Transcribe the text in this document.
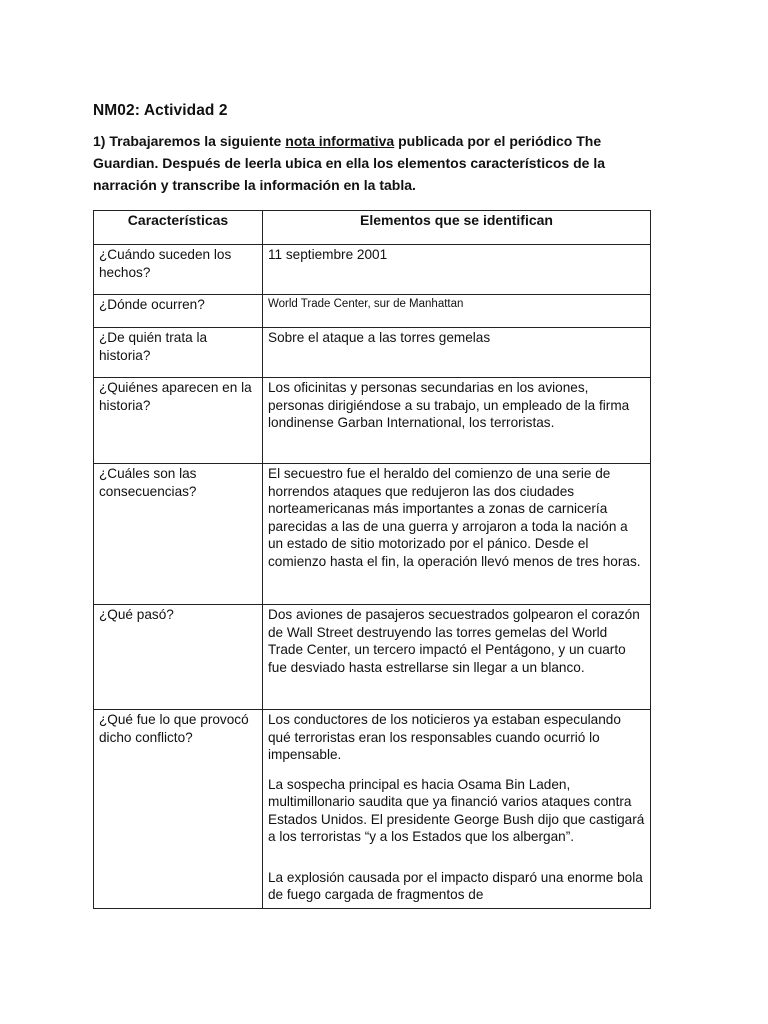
NM02: Actividad 2
1) Trabajaremos la siguiente nota informativa publicada por el periódico The Guardian. Después de leerla ubica en ella los elementos característicos de la narración y transcribe la información en la tabla.
Características	Elementos que se identifican
¿Cuándo suceden los hechos?	11 septiembre 2001

¿Dónde ocurren?	World Trade Center, sur de Manhattan

¿De quién trata la historia?	Sobre el ataque a las torres gemelas

¿Quiénes aparecen en la historia?	Los oficinitas y personas secundarias en los aviones, personas dirigiéndose a su trabajo, un empleado de la firma londinense Garban International, los terroristas.

¿Cuáles son las consecuencias?	El secuestro fue el heraldo del comienzo de una serie de horrendos ataques que redujeron las dos ciudades norteamericanas más importantes a zonas de carnicería parecidas a las de una guerra y arrojaron a toda la nación a un estado de sitio motorizado por el pánico. Desde el comienzo hasta el fin, la operación llevó menos de tres horas.

¿Qué pasó?	Dos aviones de pasajeros secuestrados golpearon el corazón de Wall Street destruyendo las torres gemelas del World Trade Center, un tercero impactó el Pentágono, y un cuarto fue desviado hasta estrellarse sin llegar a un blanco.

¿Qué fue lo que provocó dicho conflicto?	Los conductores de los noticieros ya estaban especulando qué terroristas eran los responsables cuando ocurrió lo impensable.
La sospecha principal es hacia Osama Bin Laden, multimillonario saudita que ya financió varios ataques contra Estados Unidos. El presidente George Bush dijo que castigará a los terroristas “y a los Estados que los albergan”.
La explosión causada por el impacto disparó una enorme bola de fuego cargada de fragmentos de
